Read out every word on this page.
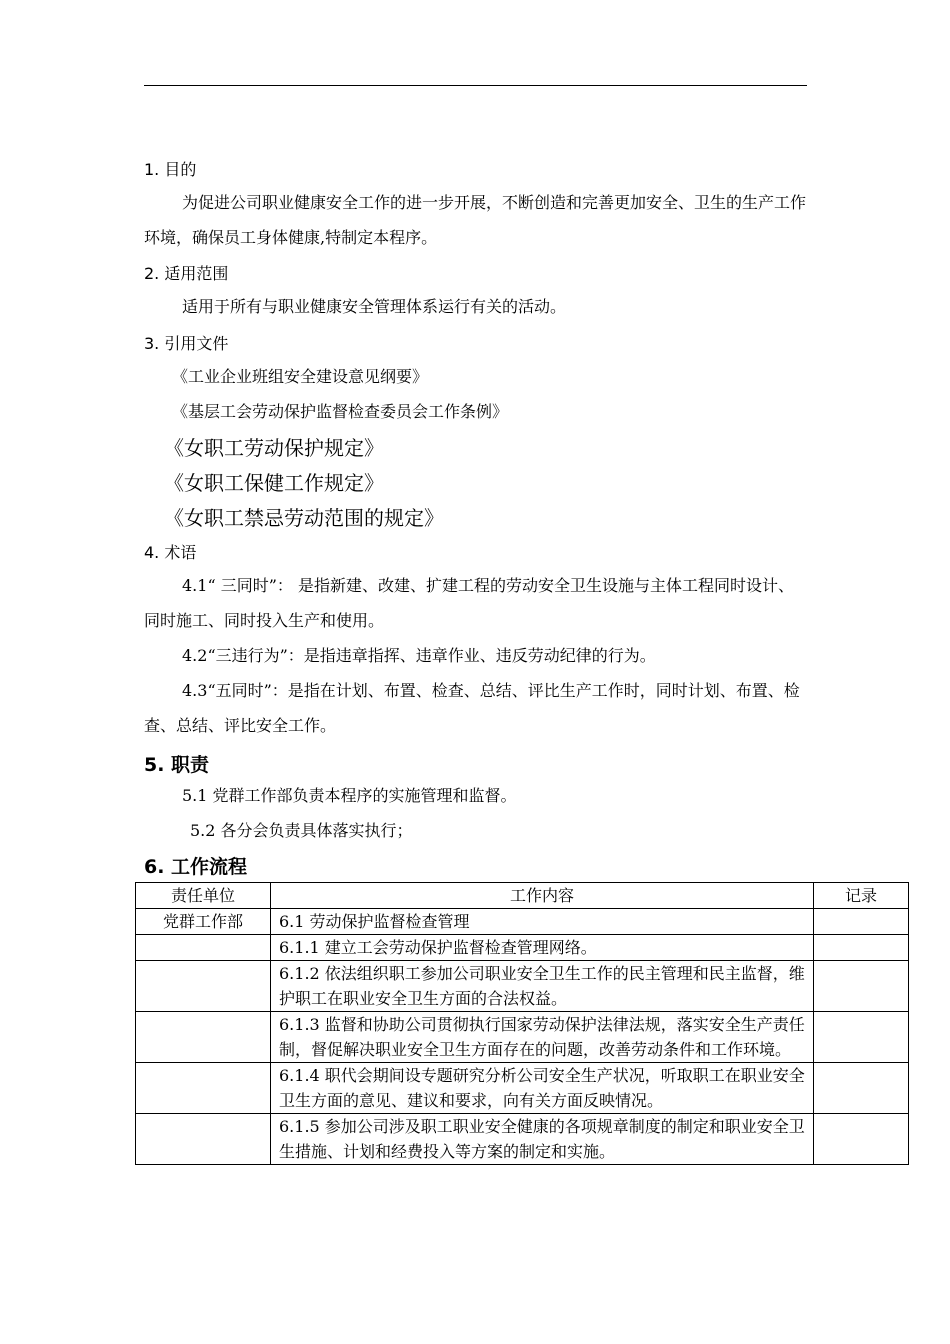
1. 目的
为促进公司职业健康安全工作的进一步开展，不断创造和完善更加安全、卫生的生产工作环境，确保员工身体健康,特制定本程序。
2. 适用范围
适用于所有与职业健康安全管理体系运行有关的活动。
3. 引用文件
《工业企业班组安全建设意见纲要》
《基层工会劳动保护监督检查委员会工作条例》
《女职工劳动保护规定》
《女职工保健工作规定》
《女职工禁忌劳动范围的规定》
4. 术语
4.1“ 三同时”： 是指新建、改建、扩建工程的劳动安全卫生设施与主体工程同时设计、同时施工、同时投入生产和使用。
4.2“三违行为”：是指违章指挥、违章作业、违反劳动纪律的行为。
4.3“五同时”：是指在计划、布置、检查、总结、评比生产工作时，同时计划、布置、检查、总结、评比安全工作。
5. 职责
5.1 党群工作部负责本程序的实施管理和监督。
5.2 各分会负责具体落实执行；
6. 工作流程
责任单位	工作内容	记录
党群工作部	6.1 劳动保护监督检查管理	
	6.1.1 建立工会劳动保护监督检查管理网络。	
	6.1.2 依法组织职工参加公司职业安全卫生工作的民主管理和民主监督，维护职工在职业安全卫生方面的合法权益。	
	6.1.3 监督和协助公司贯彻执行国家劳动保护法律法规，落实安全生产责任制，督促解决职业安全卫生方面存在的问题，改善劳动条件和工作环境。	
	6.1.4 职代会期间设专题研究分析公司安全生产状况，听取职工在职业安全卫生方面的意见、建议和要求，向有关方面反映情况。	
	6.1.5 参加公司涉及职工职业安全健康的各项规章制度的制定和职业安全卫生措施、计划和经费投入等方案的制定和实施。	
